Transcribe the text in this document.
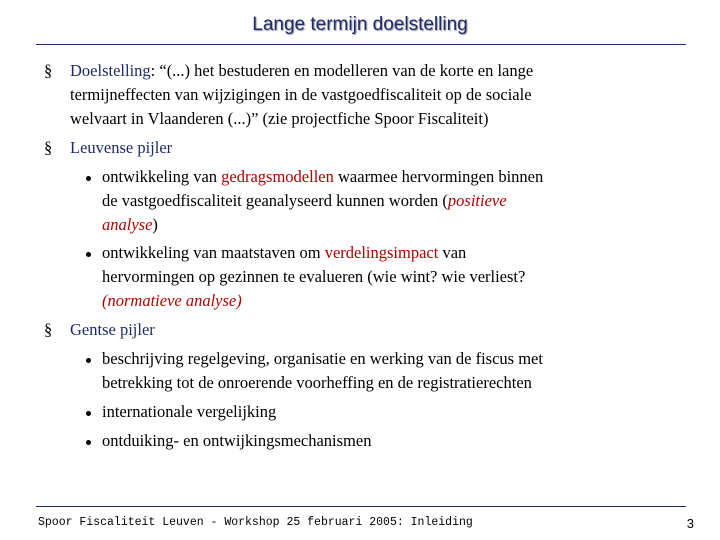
Lange termijn doelstelling
§ Doelstelling: “(...) het bestuderen en modelleren van de korte en lange
termijneffecten van wijzigingen in de vastgoedfiscaliteit op de sociale
welvaart in Vlaanderen (...)” (zie projectfiche Spoor Fiscaliteit)
§ Leuvense pijler
ontwikkeling van gedragsmodellen waarmee hervormingen binnen
de vastgoedfiscaliteit geanalyseerd kunnen worden (positieve
analyse)
ontwikkeling van maatstaven om verdelingsimpact van
hervormingen op gezinnen te evalueren (wie wint? wie verliest?
(normatieve analyse)
§ Gentse pijler
beschrijving regelgeving, organisatie en werking van de fiscus met
betrekking tot de onroerende voorheffing en de registratierechten
internationale vergelijking
ontduiking- en ontwijkingsmechanismen
Spoor Fiscaliteit Leuven - Workshop 25 februari 2005: Inleiding	3
